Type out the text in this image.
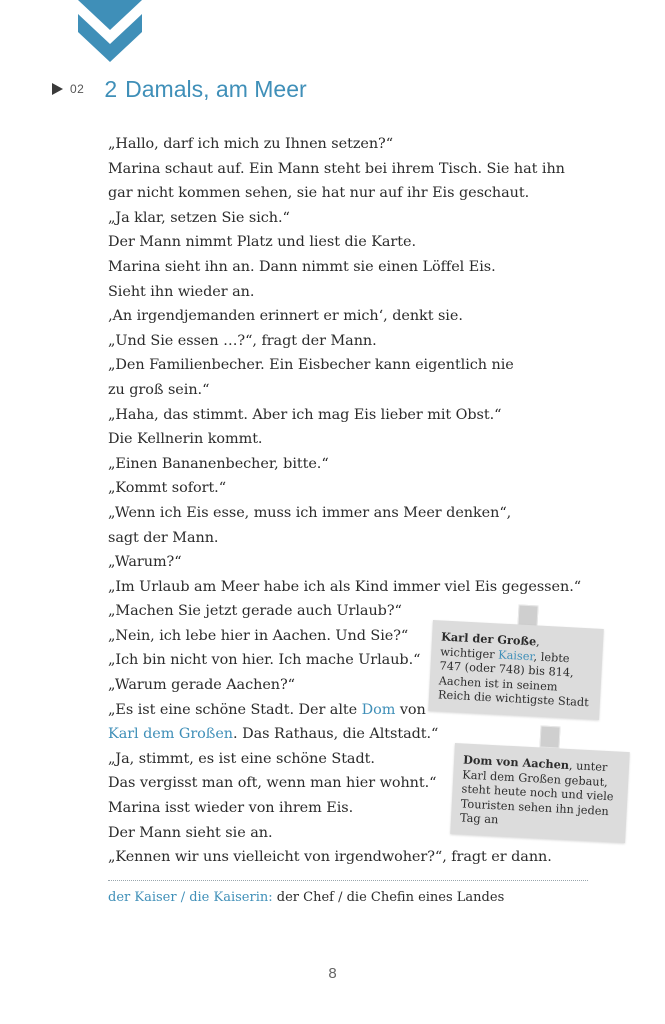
02 2 Damals, am Meer
„Hallo, darf ich mich zu Ihnen setzen?“
Marina schaut auf. Ein Mann steht bei ihrem Tisch. Sie hat ihn
gar nicht kommen sehen, sie hat nur auf ihr Eis geschaut.
„Ja klar, setzen Sie sich.“
Der Mann nimmt Platz und liest die Karte.
Marina sieht ihn an. Dann nimmt sie einen Löffel Eis.
Sieht ihn wieder an.
‚An irgendjemanden erinnert er mich‘, denkt sie.
„Und Sie essen …?“, fragt der Mann.
„Den Familienbecher. Ein Eisbecher kann eigentlich nie
zu groß sein.“
„Haha, das stimmt. Aber ich mag Eis lieber mit Obst.“
Die Kellnerin kommt.
„Einen Bananenbecher, bitte.“
„Kommt sofort.“
„Wenn ich Eis esse, muss ich immer ans Meer denken“,
sagt der Mann.
„Warum?“
„Im Urlaub am Meer habe ich als Kind immer viel Eis gegessen.“
„Machen Sie jetzt gerade auch Urlaub?“
„Nein, ich lebe hier in Aachen. Und Sie?“
„Ich bin nicht von hier. Ich mache Urlaub.“
„Warum gerade Aachen?“
„Es ist eine schöne Stadt. Der alte Dom von
Karl dem Großen. Das Rathaus, die Altstadt.“
„Ja, stimmt, es ist eine schöne Stadt.
Das vergisst man oft, wenn man hier wohnt.“
Marina isst wieder von ihrem Eis.
Der Mann sieht sie an.
„Kennen wir uns vielleicht von irgendwoher?“, fragt er dann.
Karl der Große, wichtiger Kaiser, lebte 747 (oder 748) bis 814, Aachen ist in seinem Reich die wichtigste Stadt
Dom von Aachen, unter Karl dem Großen gebaut, steht heute noch und viele Touristen sehen ihn jeden Tag an
der Kaiser / die Kaiserin: der Chef / die Chefin eines Landes
8
